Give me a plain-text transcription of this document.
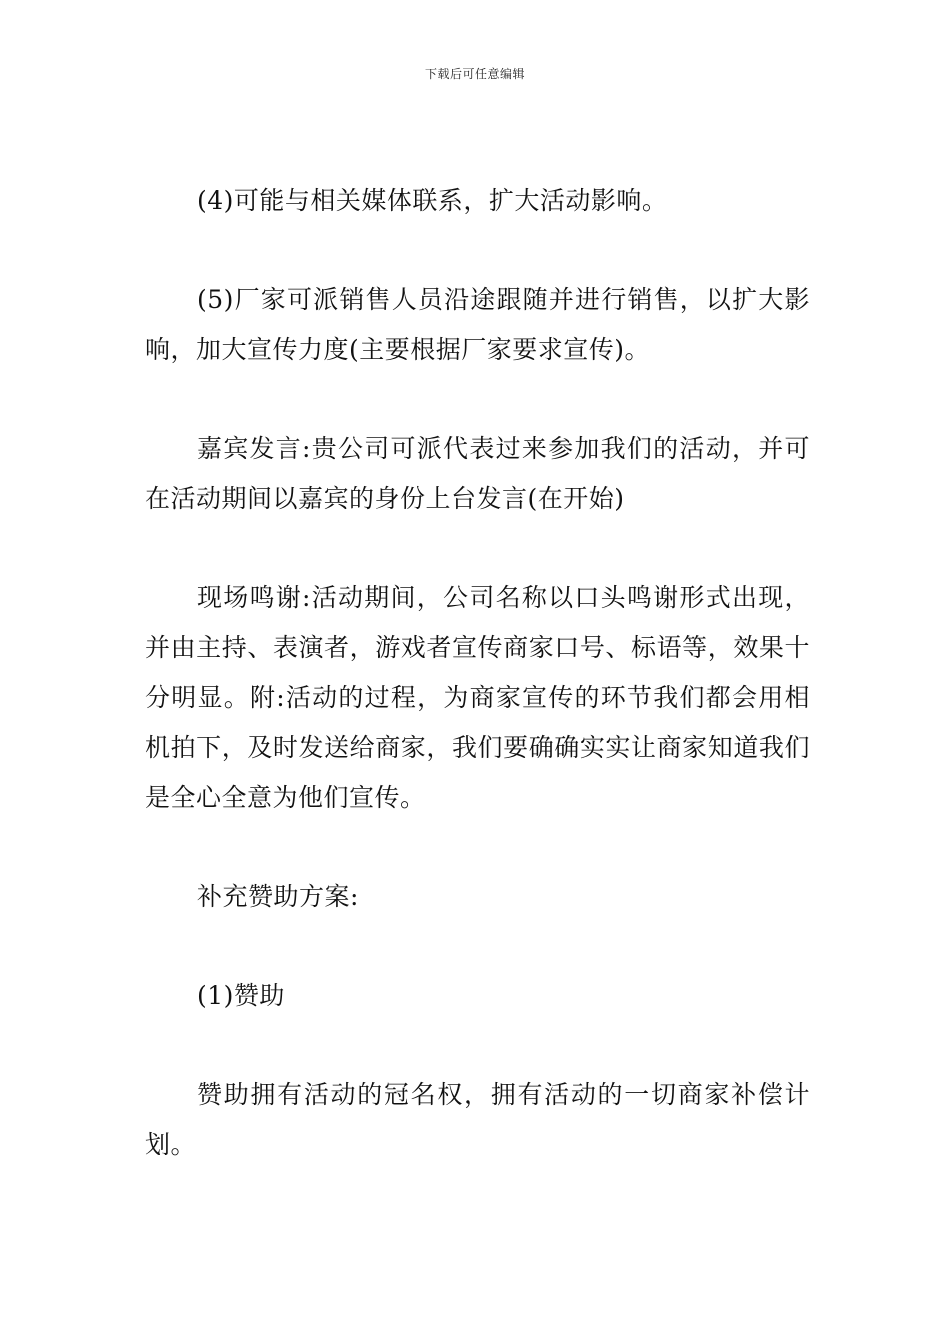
下载后可任意编辑

(4)可能与相关媒体联系，扩大活动影响。

(5)厂家可派销售人员沿途跟随并进行销售，以扩大影响，加大宣传力度(主要根据厂家要求宣传)。

嘉宾发言:贵公司可派代表过来参加我们的活动，并可在活动期间以嘉宾的身份上台发言(在开始)

现场鸣谢:活动期间，公司名称以口头鸣谢形式出现，并由主持、表演者，游戏者宣传商家口号、标语等，效果十分明显。附:活动的过程，为商家宣传的环节我们都会用相机拍下，及时发送给商家，我们要确确实实让商家知道我们是全心全意为他们宣传。

补充赞助方案:

(1)赞助

赞助拥有活动的冠名权，拥有活动的一切商家补偿计划。
